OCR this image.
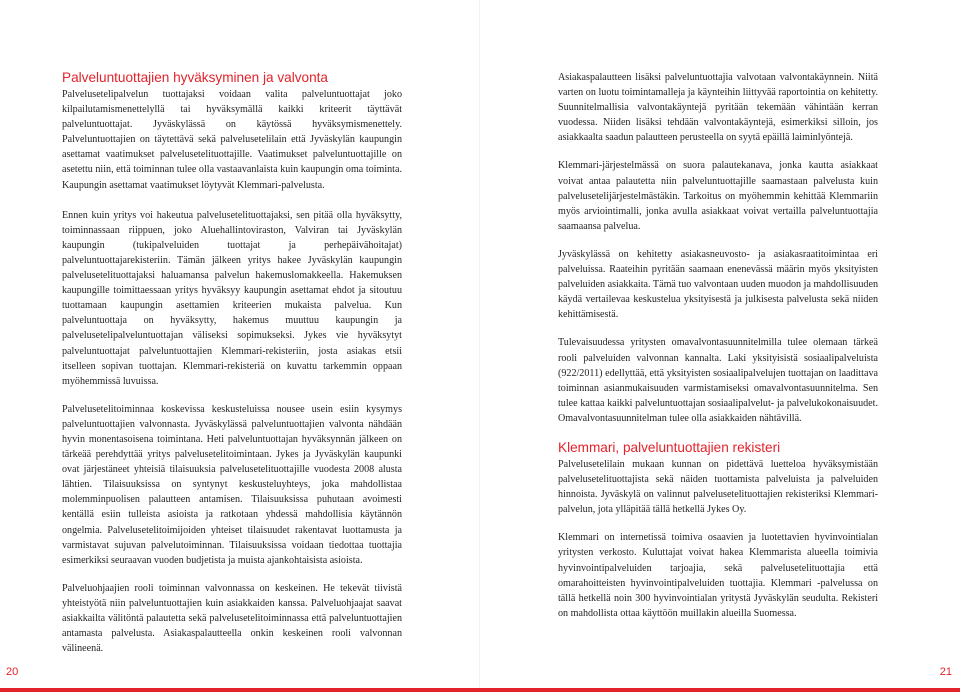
Palveluntuottajien hyväksyminen ja valvonta

Palvelusetelipalvelun tuottajaksi voidaan valita palveluntuottajat joko kilpailutamismenettelyllä tai hyväksymällä kaikki kriteerit täyttävät palveluntuottajat. Jyväskylässä on käytössä hyväksymismenettely. Palveluntuottajien on täytettävä sekä palvelusetelilain että Jyväskylän kaupungin asettamat vaatimukset palvelusetelituottajille. Vaatimukset palveluntuottajille on asetettu niin, että toiminnan tulee olla vastaavanlaista kuin kaupungin oma toiminta. Kaupungin asettamat vaatimukset löytyvät Klemmari-palvelusta.

Ennen kuin yritys voi hakeutua palvelusetelituottajaksi, sen pitää olla hyväksytty, toiminnassaan riippuen, joko Aluehallintoviraston, Valviran tai Jyväskylän kaupungin (tukipalveluiden tuottajat ja perhepäivähoitajat) palveluntuottajarekisteriin. Tämän jälkeen yritys hakee Jyväskylän kaupungin palvelusetelituottajaksi haluamansa palvelun hakemuslomakkeella. Hakemuksen kaupungille toimittaessaan yritys hyväksyy kaupungin asettamat ehdot ja sitoutuu tuottamaan kaupungin asettamien kriteerien mukaista palvelua. Kun palveluntuottaja on hyväksytty, hakemus muuttuu kaupungin ja palvelusetelipalveluntuottajan väliseksi sopimukseksi. Jykes vie hyväksytyt palveluntuottajat palveluntuottajien Klemmari-rekisteriin, josta asiakas etsii itselleen sopivan tuottajan. Klemmari-rekisteriä on kuvattu tarkemmin oppaan myöhemmissä luvuissa.

Palvelusetelitoiminnaa koskevissa keskusteluissa nousee usein esiin kysymys palveluntuottajien valvonnasta. Jyväskylässä palveluntuottajien valvonta nähdään hyvin monentasoisena toimintana. Heti palveluntuottajan hyväksynnän jälkeen on tärkeää perehdyttää yritys palvelusetelitoimintaan. Jykes ja Jyväskylän kaupunki ovat järjestäneet yhteisiä tilaisuuksia palvelusetelituottajille vuodesta 2008 alusta lähtien. Tilaisuuksissa on syntynyt keskusteluyhteys, joka mahdollistaa molemminpuolisen palautteen antamisen. Tilaisuuksissa puhutaan avoimesti kentällä esiin tulleista asioista ja ratkotaan yhdessä mahdollisia käytännön ongelmia. Palvelusetelitoimijoiden yhteiset tilaisuudet rakentavat luottamusta ja varmistavat sujuvan palvelutoiminnan. Tilaisuuksissa voidaan tiedottaa tuottajia esimerkiksi seuraavan vuoden budjetista ja muista ajankohtaisista asioista.

Palveluohjaajien rooli toiminnan valvonnassa on keskeinen. He tekevät tiivistä yhteistyötä niin palveluntuottajien kuin asiakkaiden kanssa. Palveluohjaajat saavat asiakkailta välitöntä palautetta sekä palvelusetelitoiminnassa että palveluntuottajien antamasta palvelusta. Asiakaspalautteella onkin keskeinen rooli valvonnan välineenä.

20

Asiakaspalautteen lisäksi palveluntuottajia valvotaan valvontakäynnein. Niitä varten on luotu toimintamalleja ja käynteihin liittyvää raportointia on kehitetty. Suunnitelmallisia valvontakäyntejä pyritään tekemään vähintään kerran vuodessa. Niiden lisäksi tehdään valvontakäyntejä, esimerkiksi silloin, jos asiakkaalta saadun palautteen perusteella on syytä epäillä laiminlyöntejä.

Klemmari-järjestelmässä on suora palautekanava, jonka kautta asiakkaat voivat antaa palautetta niin palveluntuottajille saamastaan palvelusta kuin palvelusetelijärjestelmästäkin. Tarkoitus on myöhemmin kehittää Klemmariin myös arviointimalli, jonka avulla asiakkaat voivat vertailla palveluntuottajia saamaansa palvelua.

Jyväskylässä on kehitetty asiakasneuvosto- ja asiakasraatitoimintaa eri palveluissa. Raateihin pyritään saamaan enenevässä määrin myös yksityisten palveluiden asiakkaita. Tämä tuo valvontaan uuden muodon ja mahdollisuuden käydä vertailevaa keskustelua yksityisestä ja julkisesta palvelusta sekä niiden kehittämisestä.

Tulevaisuudessa yritysten omavalvontasuunnitelmilla tulee olemaan tärkeä rooli palveluiden valvonnan kannalta. Laki yksityisistä sosiaalipalveluista (922/2011) edellyttää, että yksityisten sosiaalipalvelujen tuottajan on laadittava toiminnan asianmukaisuuden varmistamiseksi omavalvontasuunnitelma. Sen tulee kattaa kaikki palveluntuottajan sosiaalipalvelut- ja palvelukokonaisuudet. Omavalvontasuunnitelman tulee olla asiakkaiden nähtävillä.

Klemmari, palveluntuottajien rekisteri

Palvelusetelilain mukaan kunnan on pidettävä luetteloa hyväksymistään palvelusetelituottajista sekä näiden tuottamista palveluista ja palveluiden hinnoista. Jyväskylä on valinnut palvelusetelituottajien rekisteriksi Klemmari-palvelun, jota ylläpitää tällä hetkellä Jykes Oy.

Klemmari on internetissä toimiva osaavien ja luotettavien hyvinvointialan yritysten verkosto. Kuluttajat voivat hakea Klemmarista alueella toimivia hyvinvointipalveluiden tarjoajia, sekä palvelusetelituottajia että omarahoitteisten hyvinvointipalveluiden tuottajia. Klemmari -palvelussa on tällä hetkellä noin 300 hyvinvointialan yritystä Jyväskylän seudulta. Rekisteri on mahdollista ottaa käyttöön muillakin alueilla Suomessa.

21
